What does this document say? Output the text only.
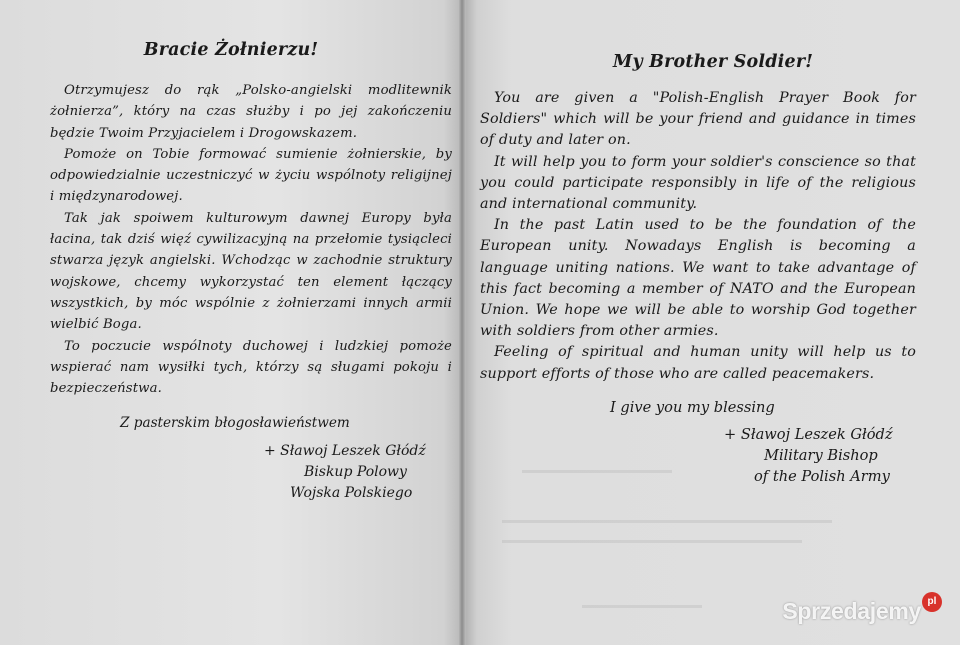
Bracie Żołnierzu!

Otrzymujesz do rąk „Polsko-angielski modlitewnik żołnierza”, który na czas służby i po jej zakończeniu będzie Twoim Przyjacielem i Drogowskazem.

Pomoże on Tobie formować sumienie żołnierskie, by odpowiedzialnie uczestniczyć w życiu wspólnoty religijnej i międzynarodowej.

Tak jak spoiwem kulturowym dawnej Europy była łacina, tak dziś więź cywilizacyjną na przełomie tysiącleci stwarza język angielski. Wchodząc w zachodnie struktury wojskowe, chcemy wykorzystać ten element łączący wszystkich, by móc wspólnie z żołnierzami innych armii wielbić Boga.

To poczucie wspólnoty duchowej i ludzkiej pomoże wspierać nam wysiłki tych, którzy są sługami pokoju i bezpieczeństwa.

Z pasterskim błogosławieństwem
+ Sławoj Leszek Głódź
Biskup Polowy
Wojska Polskiego
My Brother Soldier!

You are given a "Polish-English Prayer Book for Soldiers" which will be your friend and guidance in times of duty and later on.

It will help you to form your soldier's conscience so that you could participate responsibly in life of the religious and international community.

In the past Latin used to be the foundation of the European unity. Nowadays English is becoming a language uniting nations. We want to take advantage of this fact becoming a member of NATO and the European Union. We hope we will be able to worship God together with soldiers from other armies.

Feeling of spiritual and human unity will help us to support efforts of those who are called peacemakers.

I give you my blessing
+ Sławoj Leszek Głódź
Military Bishop
of the Polish Army
Sprzedajemy pl
